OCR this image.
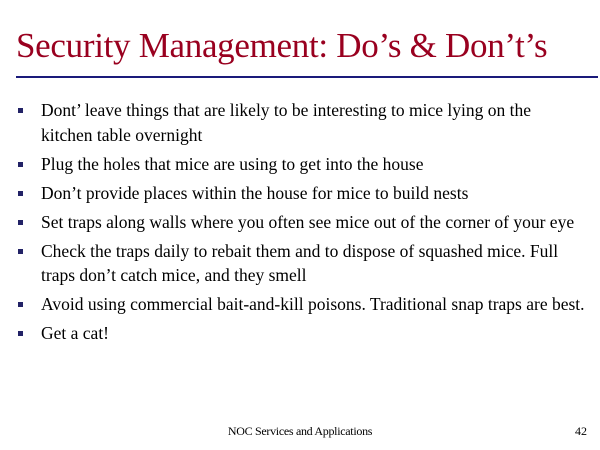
Security Management: Do’s & Don’t’s
Dont’ leave things that are likely to be interesting to mice lying on the kitchen table overnight
Plug the holes that mice are using to get into the house
Don’t provide places within the house for mice to build nests
Set traps along walls where you often see mice out of the corner of your eye
Check the traps daily to rebait them and to dispose of squashed mice. Full traps don’t catch mice, and they smell
Avoid using commercial bait-and-kill poisons. Traditional snap traps are best.
Get a cat!
NOC Services and Applications	42
